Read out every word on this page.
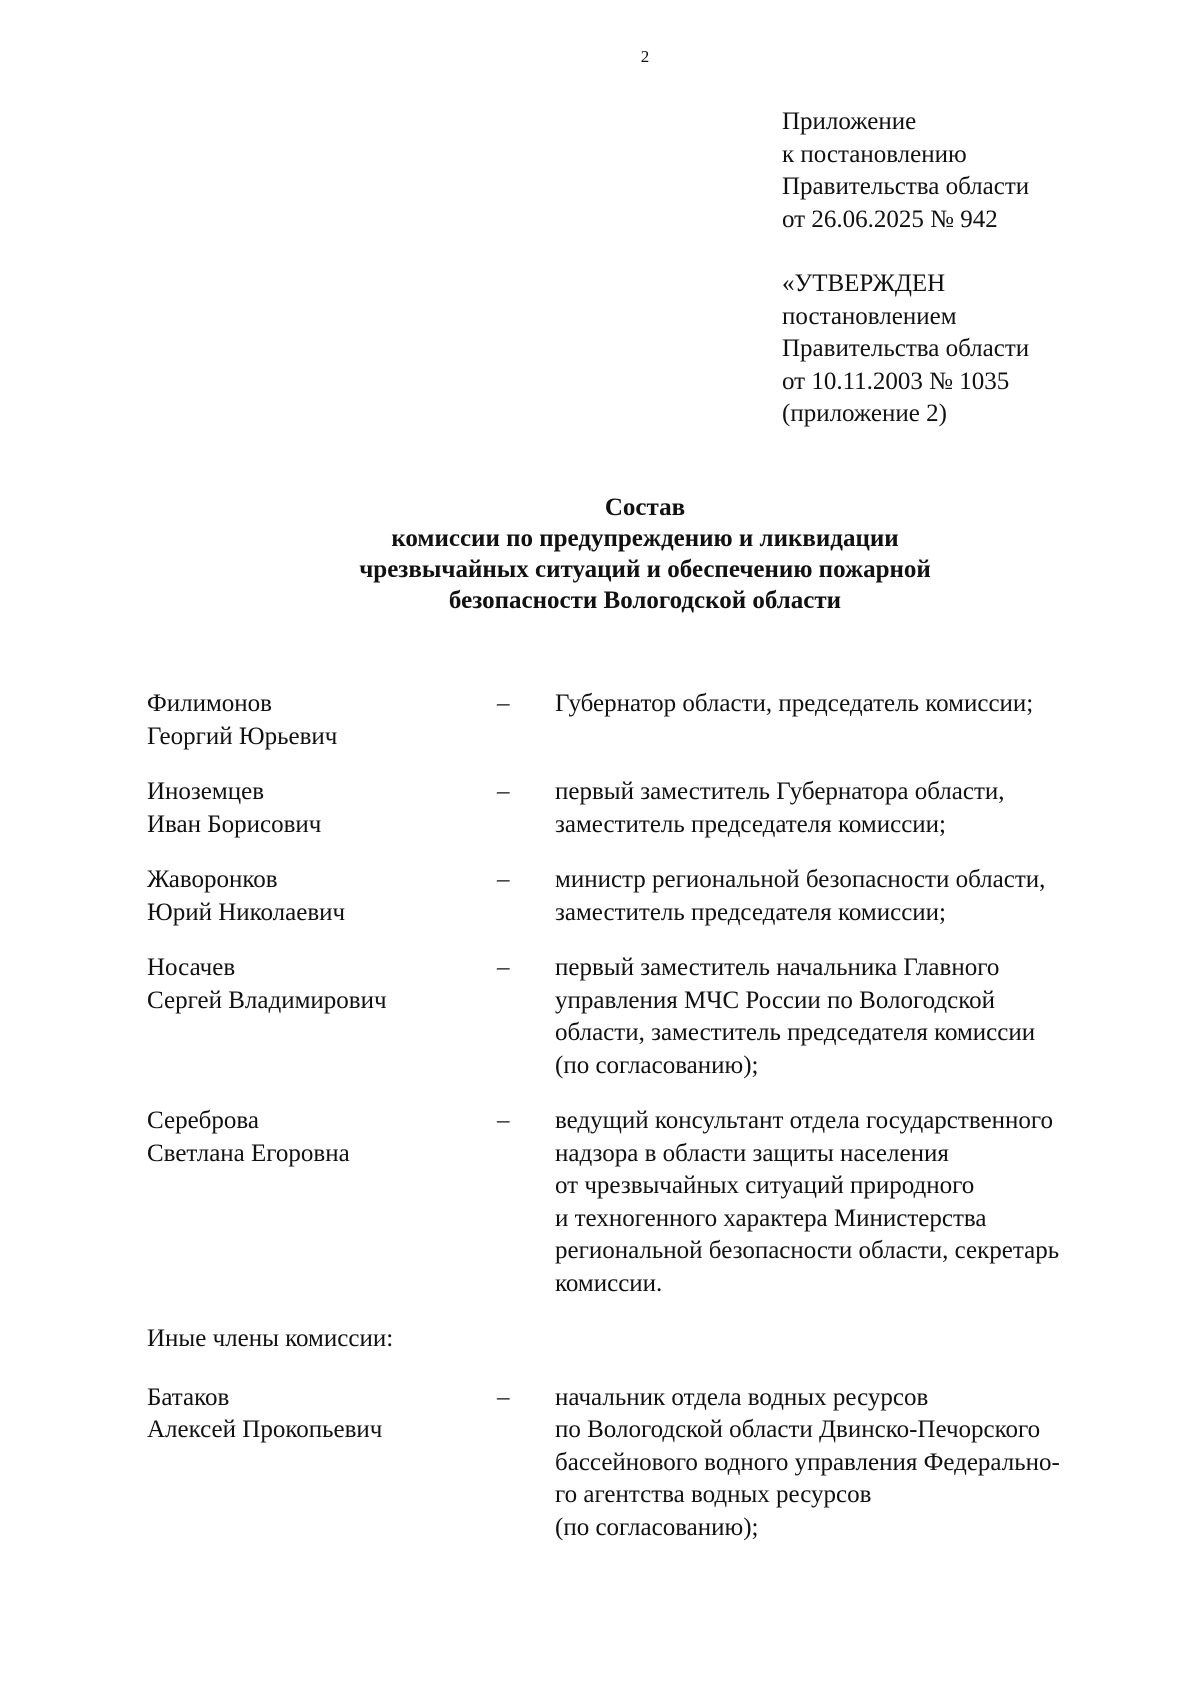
2
Приложение
к постановлению
Правительства области
от 26.06.2025 № 942
«УТВЕРЖДЕН
постановлением
Правительства области
от 10.11.2003 № 1035
(приложение 2)
Состав
комиссии по предупреждению и ликвидации
чрезвычайных ситуаций и обеспечению пожарной
безопасности Вологодской области
Филимонов
Георгий Юрьевич
– Губернатор области, председатель комиссии;
Иноземцев
Иван Борисович
– первый заместитель Губернатора области,
заместитель председателя комиссии;
Жаворонков
Юрий Николаевич
– министр региональной безопасности области,
заместитель председателя комиссии;
Носачев
Сергей Владимирович
– первый заместитель начальника Главного
управления МЧС России по Вологодской
области, заместитель председателя комиссии
(по согласованию);
Сереброва
Светлана Егоровна
– ведущий консультант отдела государственного
надзора в области защиты населения
от чрезвычайных ситуаций природного
и техногенного характера Министерства
региональной безопасности области, секретарь
комиссии.
Иные члены комиссии:
Батаков
Алексей Прокопьевич
– начальник отдела водных ресурсов
по Вологодской области Двинско-Печорского
бассейнового водного управления Федерально-
го агентства водных ресурсов
(по согласованию);
